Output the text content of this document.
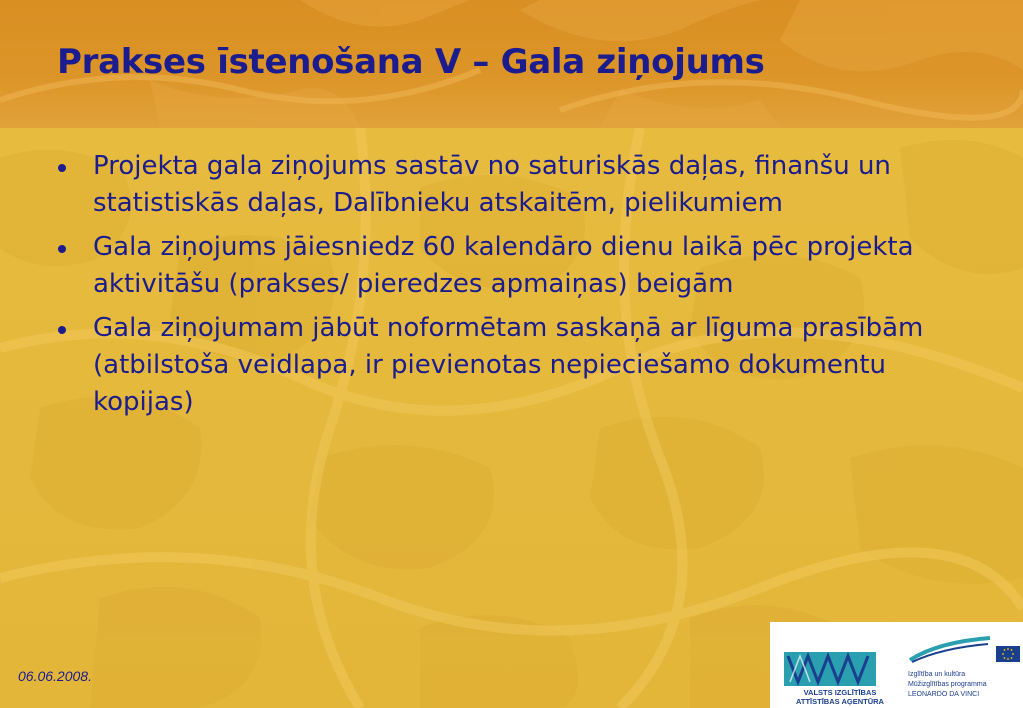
Prakses īstenošana V – Gala ziņojums
Projekta gala ziņojums sastāv no saturiskās daļas, finanšu un statistiskās daļas, Dalībnieku atskaitēm, pielikumiem
Gala ziņojums jāiesniedz 60 kalendāro dienu laikā pēc projekta aktivitāšu (prakses/ pieredzes apmaiņas) beigām
Gala ziņojumam jābūt noformētam saskaņā ar līguma prasībām (atbilstoša veidlapa, ir pievienotas nepieciešamo dokumentu kopijas)
06.06.2008.
VALSTS IZGLĪTĪBAS
ATTĪSTĪBAS AĢENTŪRA
Izglītība un kultūra
Mūžizglītības programma
LEONARDO DA VINCI
